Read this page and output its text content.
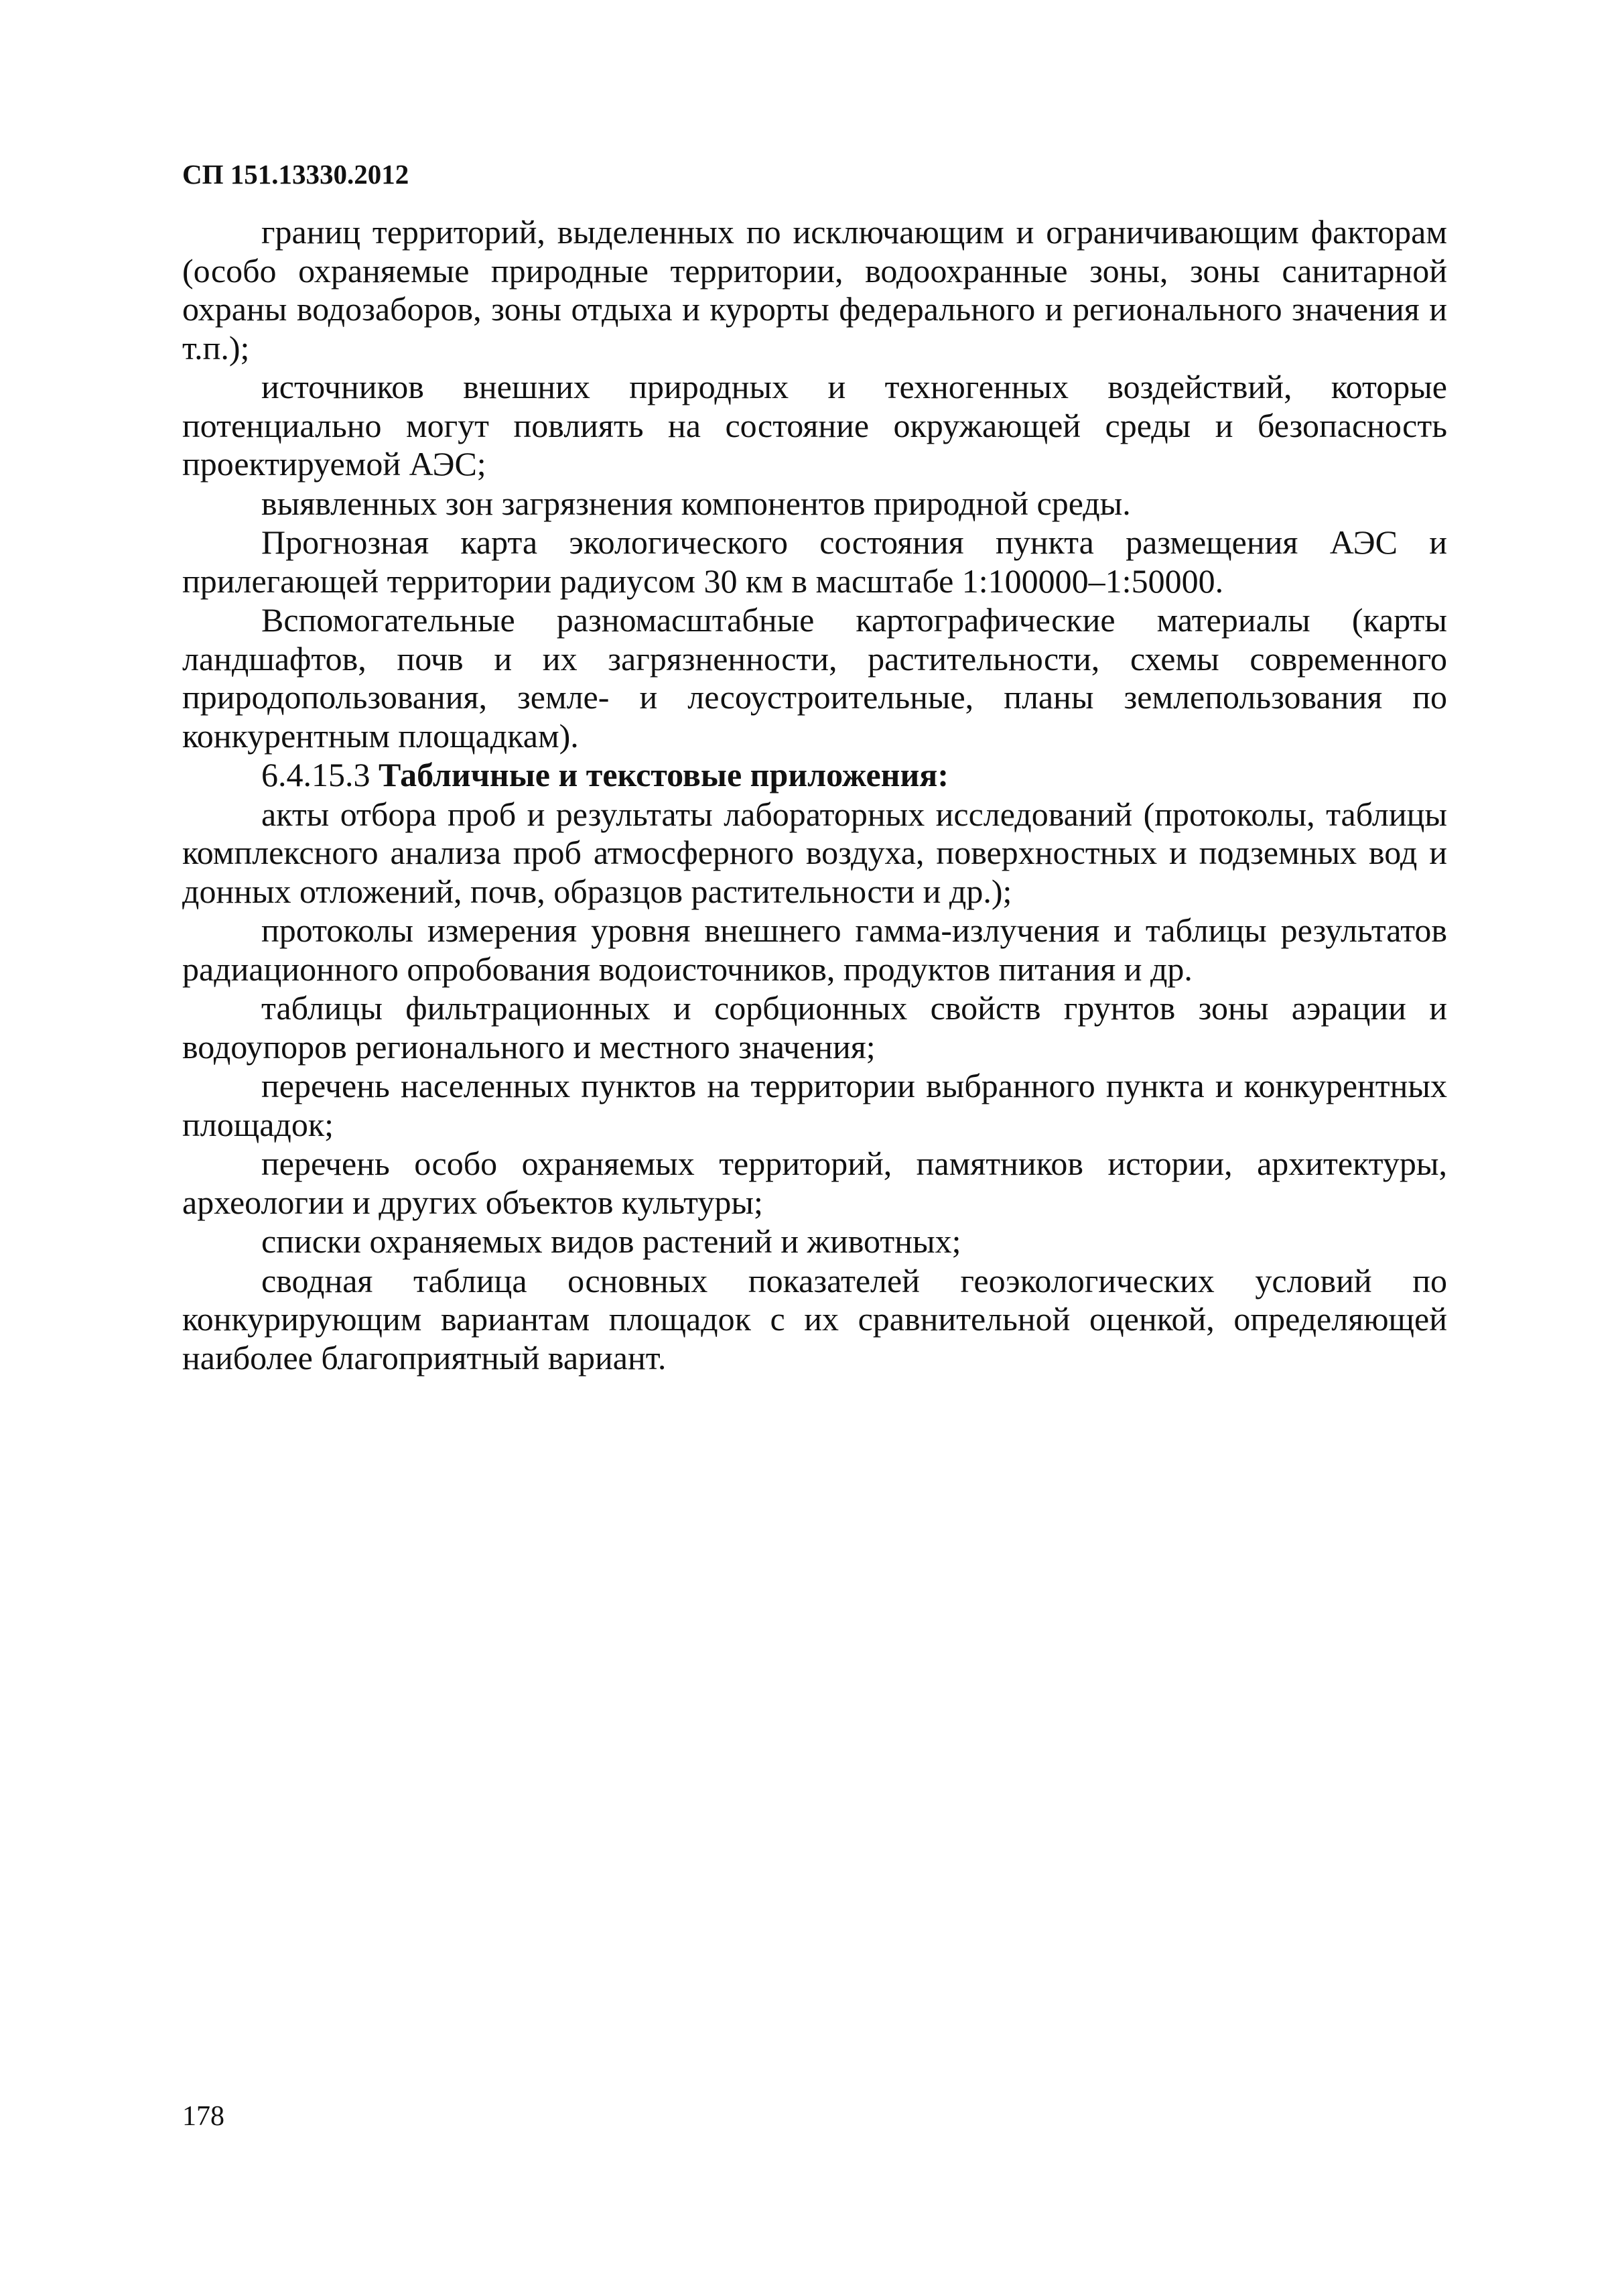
СП 151.13330.2012

границ территорий, выделенных по исключающим и ограничивающим факторам (особо охраняемые природные территории, водоохранные зоны, зоны санитарной охраны водозаборов, зоны отдыха и курорты федерального и регионального значения и т.п.);

источников внешних природных и техногенных воздействий, которые потенциально могут повлиять на состояние окружающей среды и безопасность проектируемой АЭС;

выявленных зон загрязнения компонентов природной среды.

Прогнозная карта экологического состояния пункта размещения АЭС и прилегающей территории радиусом 30 км в масштабе 1:100000–1:50000.

Вспомогательные разномасштабные картографические материалы (карты ландшафтов, почв и их загрязненности, растительности, схемы современного природопользования, земле- и лесоустроительные, планы землепользования по конкурентным площадкам).

6.4.15.3 Табличные и текстовые приложения:

акты отбора проб и результаты лабораторных исследований (протоколы, таблицы комплексного анализа проб атмосферного воздуха, поверхностных и подземных вод и донных отложений, почв, образцов растительности и др.);

протоколы измерения уровня внешнего гамма-излучения и таблицы результатов радиационного опробования водоисточников, продуктов питания и др.

таблицы фильтрационных и сорбционных свойств грунтов зоны аэрации и водоупоров регионального и местного значения;

перечень населенных пунктов на территории выбранного пункта и конкурентных площадок;

перечень особо охраняемых территорий, памятников истории, архитектуры, археологии и других объектов культуры;

списки охраняемых видов растений и животных;

сводная таблица основных показателей геоэкологических условий по конкурирующим вариантам площадок с их сравнительной оценкой, определяющей наиболее благоприятный вариант.

178
